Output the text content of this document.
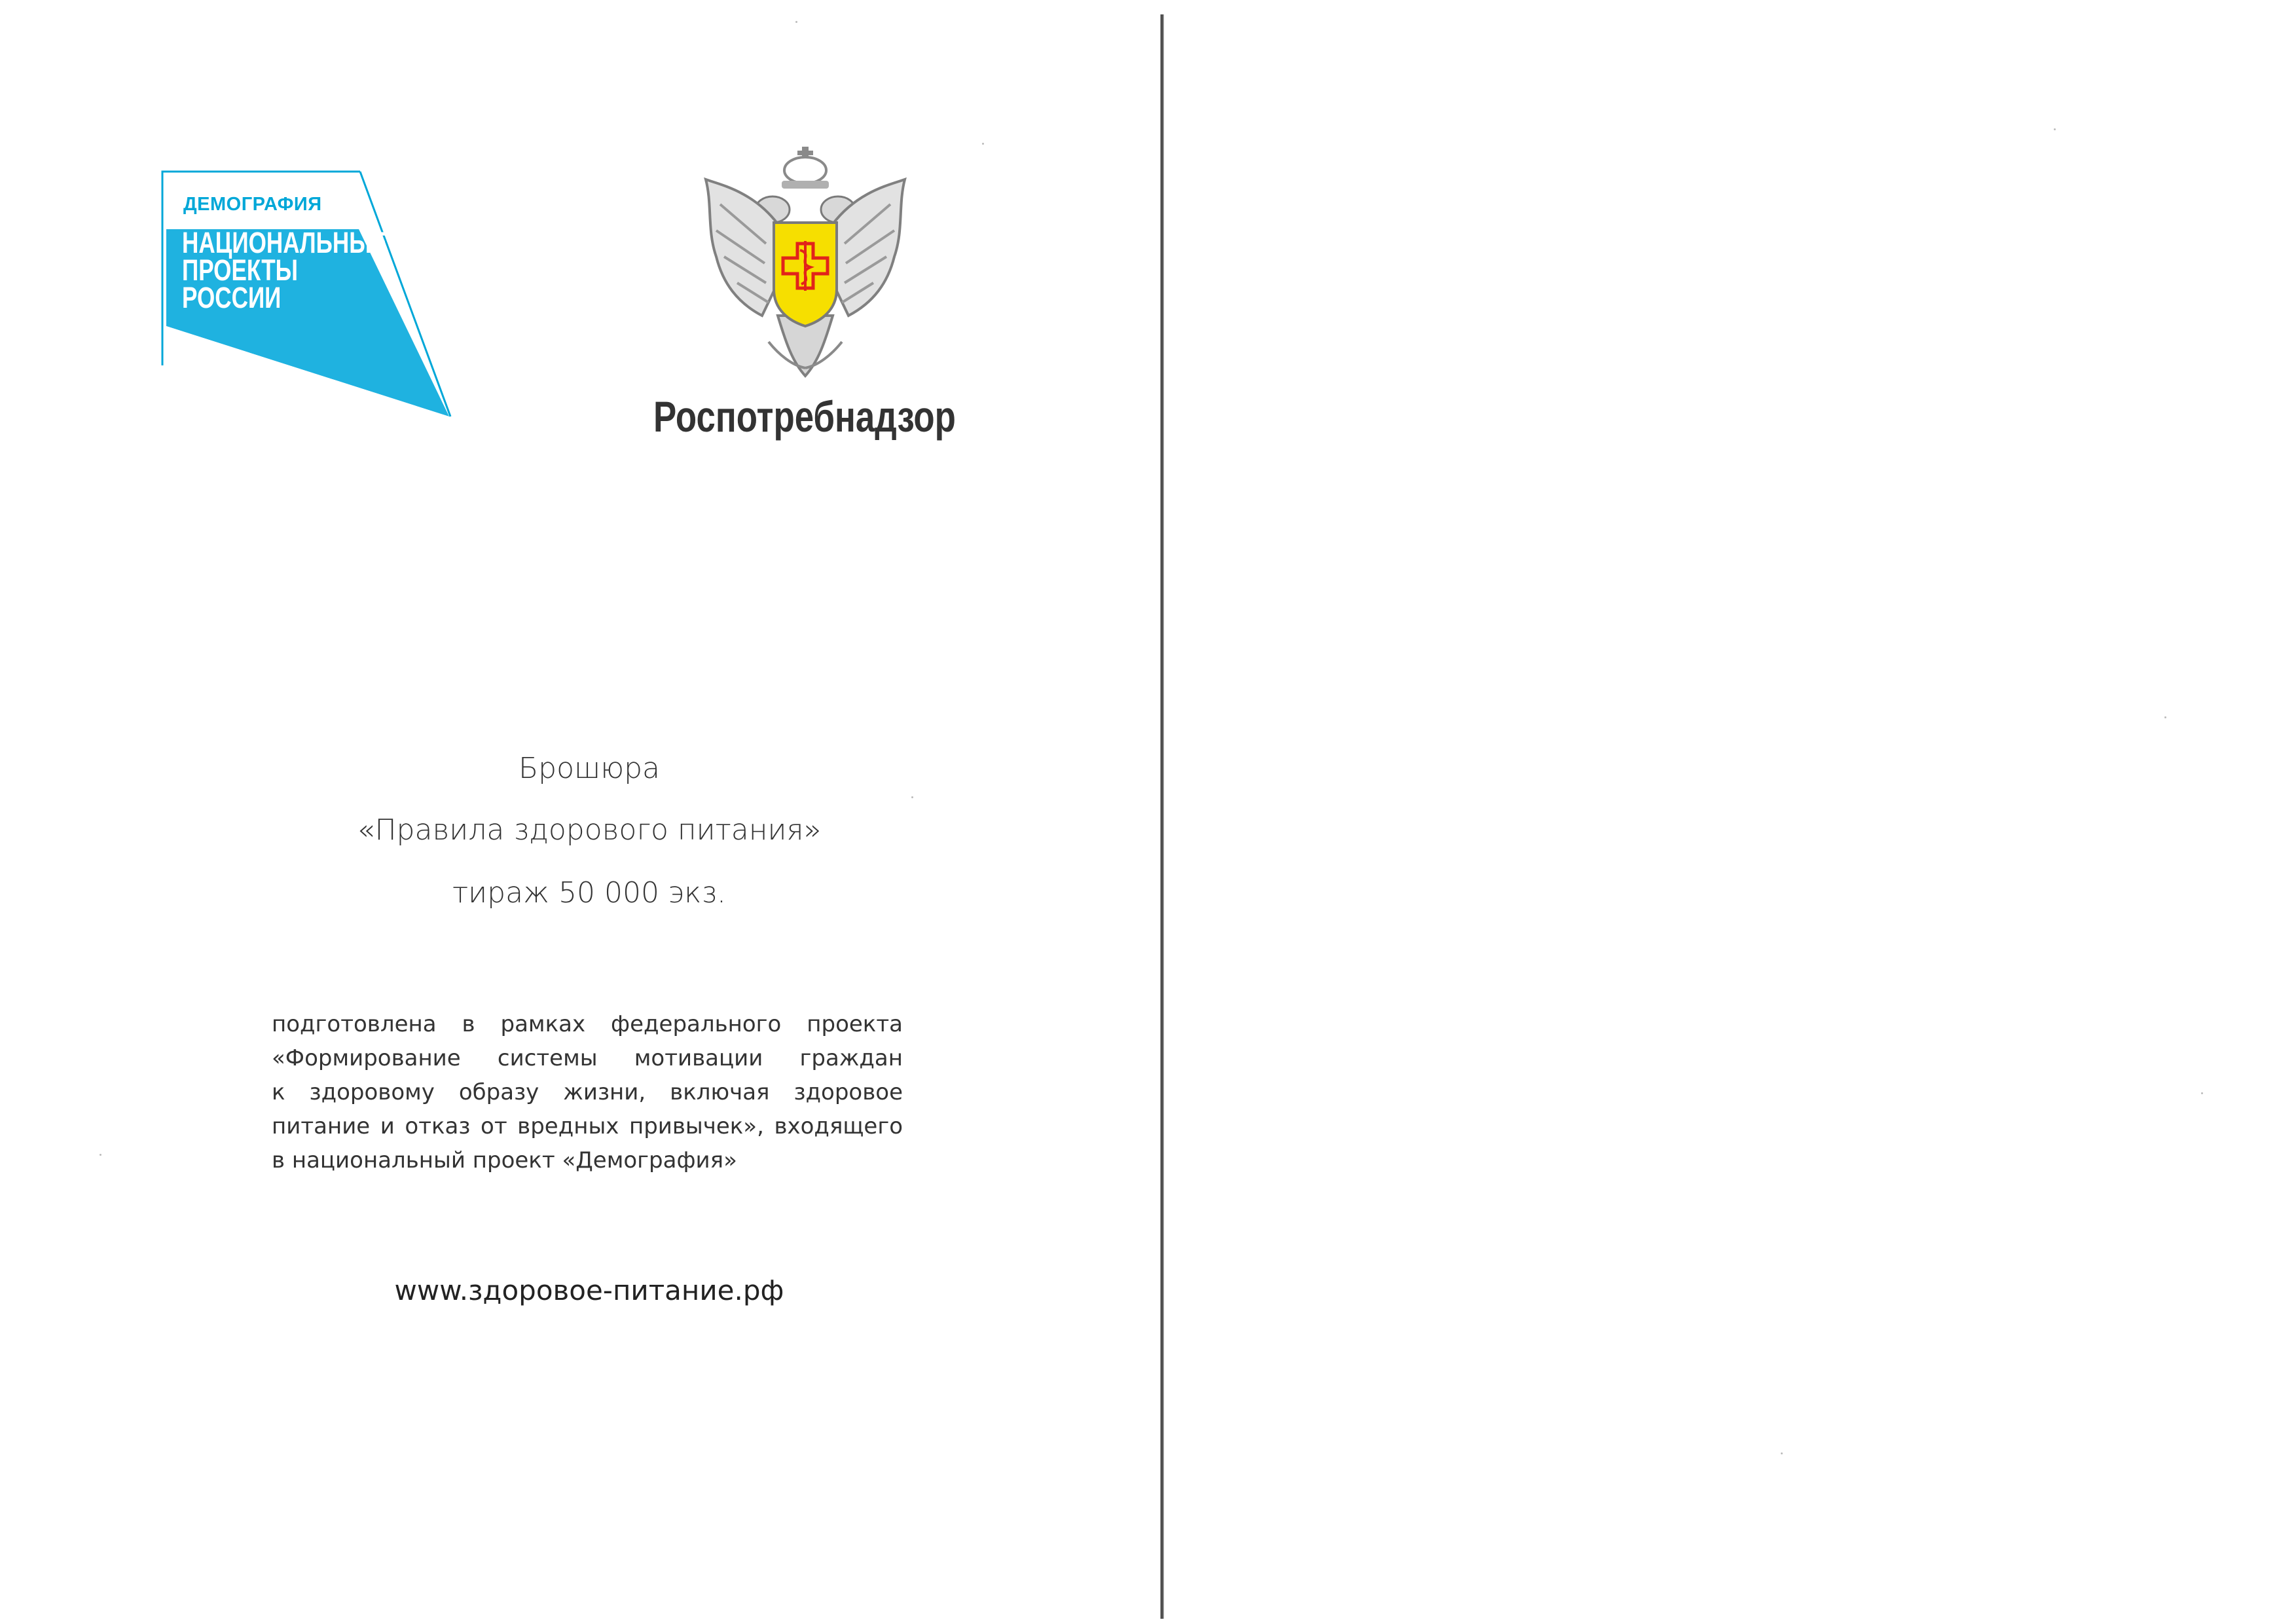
ДЕМОГРАФИЯ
НАЦИОНАЛЬНЫЕ
ПРОЕКТЫ
РОССИИ
Роспотребнадзор
Брошюра
«Правила здорового питания»
тираж 50 000 экз.
подготовлена в рамках федерального проекта
«Формирование системы мотивации граждан
к здоровому образу жизни, включая здоровое
питание и отказ от вредных привычек», входящего
в национальный проект «Демография»
www.здоровое-питание.рф
